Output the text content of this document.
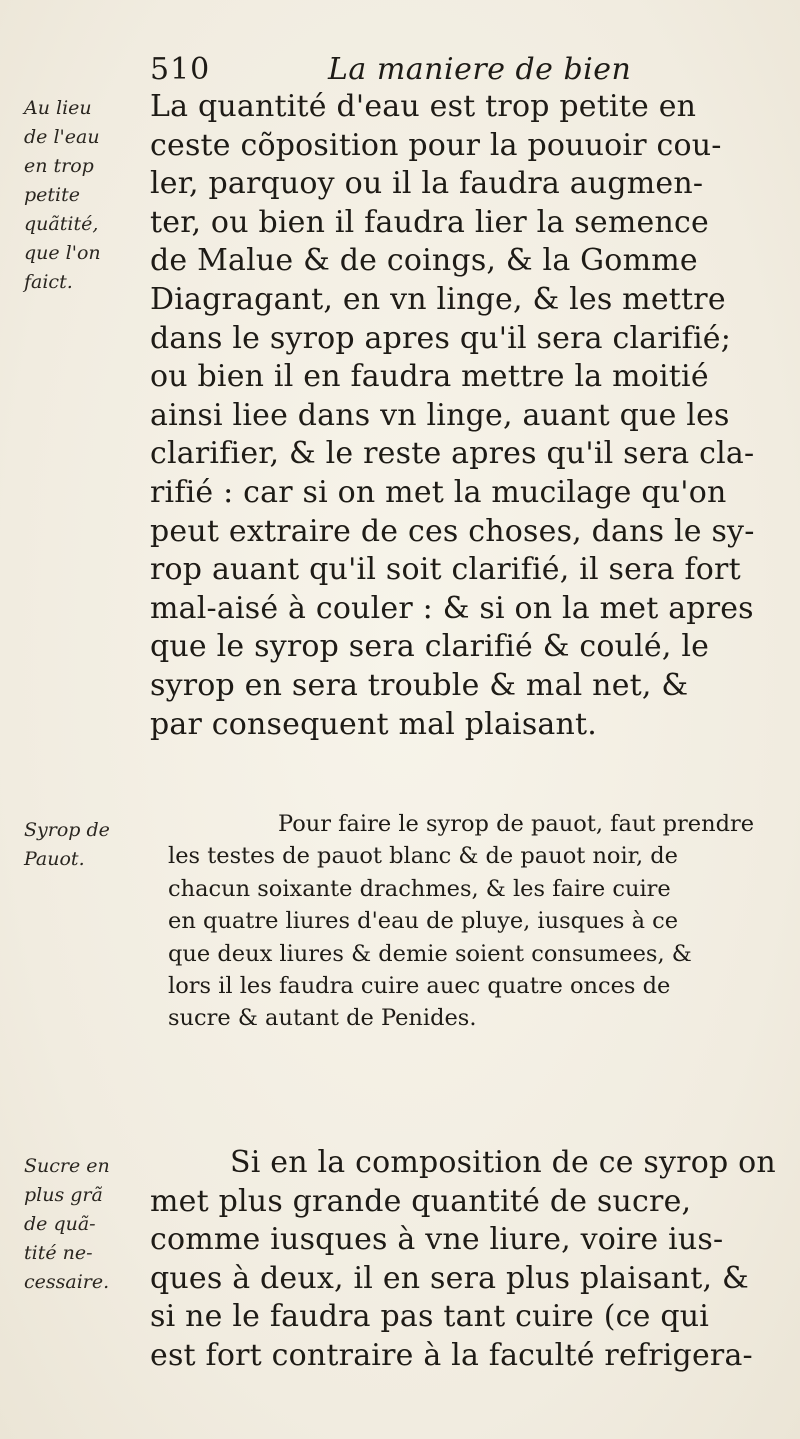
510	La maniere de bien
Au lieu
de l'eau
en trop
petite
quãtité,
que l'on
faict.
La quantité d'eau est trop petite en
ceste cõposition pour la pouuoir cou-
ler, parquoy ou il la faudra augmen-
ter, ou bien il faudra lier la semence
de Malue & de coings, & la Gomme
Diagragant, en vn linge, & les mettre
dans le syrop apres qu'il sera clarifié;
ou bien il en faudra mettre la moitié
ainsi liee dans vn linge, auant que les
clarifier, & le reste apres qu'il sera cla-
rifié : car si on met la mucilage qu'on
peut extraire de ces choses, dans le sy-
rop auant qu'il soit clarifié, il sera fort
mal-aisé à couler : & si on la met apres
que le syrop sera clarifié & coulé, le
syrop en sera trouble & mal net, &
par consequent mal plaisant.
Syrop de
Pauot.
Pour faire le syrop de pauot, faut prendre
les testes de pauot blanc & de pauot noir, de
chacun soixante drachmes, & les faire cuire
en quatre liures d'eau de pluye, iusques à ce
que deux liures & demie soient consumees, &
lors il les faudra cuire auec quatre onces de
sucre & autant de Penides.
Sucre en
plus grã
de quã-
tité ne-
cessaire.
Si en la composition de ce syrop on
met plus grande quantité de sucre,
comme iusques à vne liure, voire ius-
ques à deux, il en sera plus plaisant, &
si ne le faudra pas tant cuire (ce qui
est fort contraire à la faculté refrigera-
